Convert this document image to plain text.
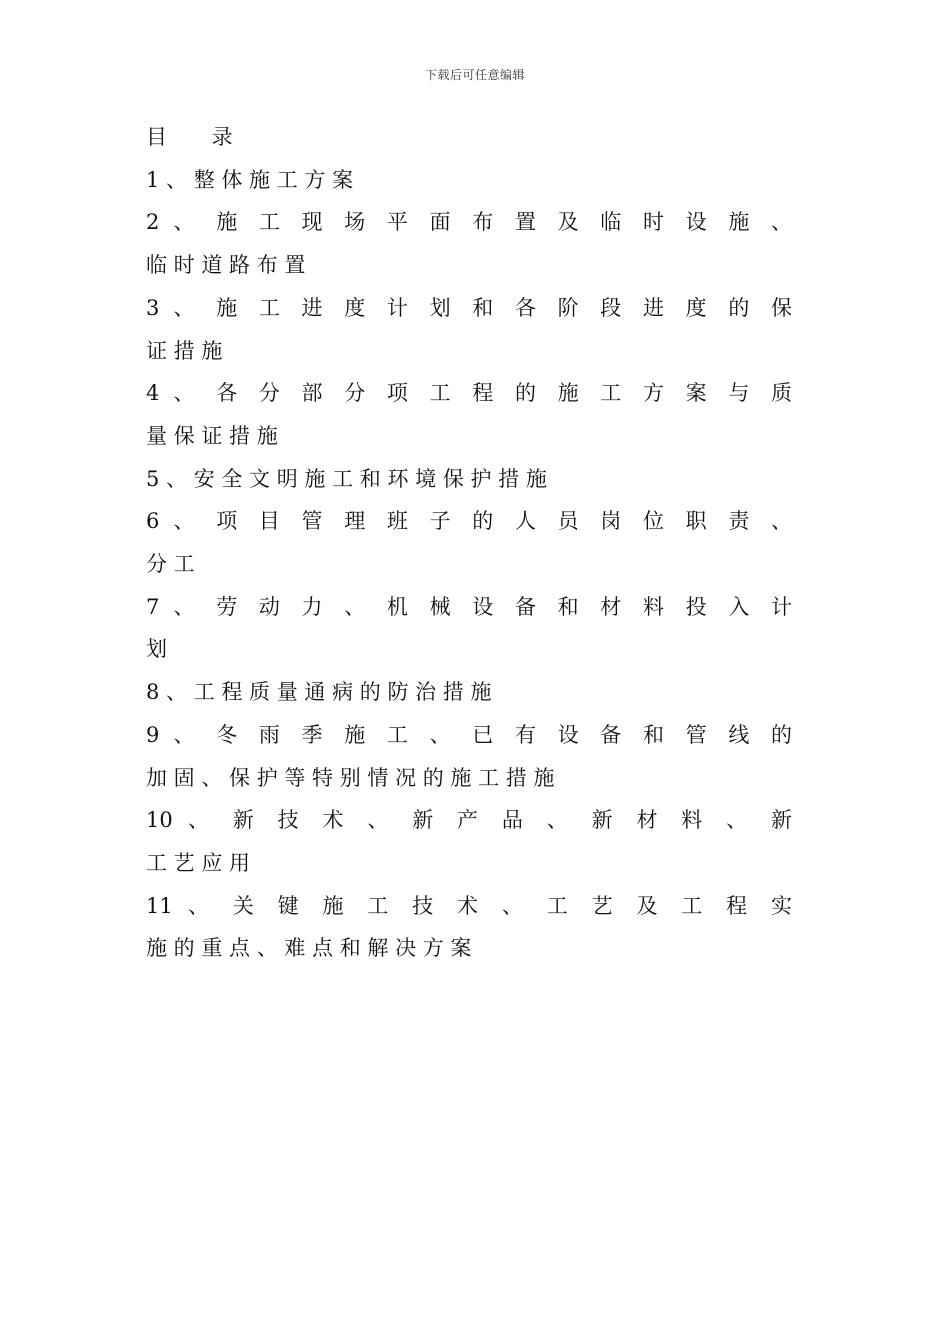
下载后可任意编辑
目 录
1 、 整 体 施 工 方 案
2 、 施 工 现 场 平 面 布 置 及 临 时 设 施 、
临 时 道 路 布 置
3 、 施 工 进 度 计 划 和 各 阶 段 进 度 的 保
证 措 施
4 、 各 分 部 分 项 工 程 的 施 工 方 案 与 质
量 保 证 措 施
5 、 安 全 文 明 施 工 和 环 境 保 护 措 施
6 、 项 目 管 理 班 子 的 人 员 岗 位 职 责 、
分 工
7 、 劳 动 力 、 机 械 设 备 和 材 料 投 入 计
划
8 、 工 程 质 量 通 病 的 防 治 措 施
9 、 冬 雨 季 施 工 、 已 有 设 备 和 管 线 的
加 固 、 保 护 等 特 别 情 况 的 施 工 措 施
10 、 新 技 术 、 新 产 品 、 新 材 料 、 新
工 艺 应 用
11 、 关 键 施 工 技 术 、 工 艺 及 工 程 实
施 的 重 点 、 难 点 和 解 决 方 案
